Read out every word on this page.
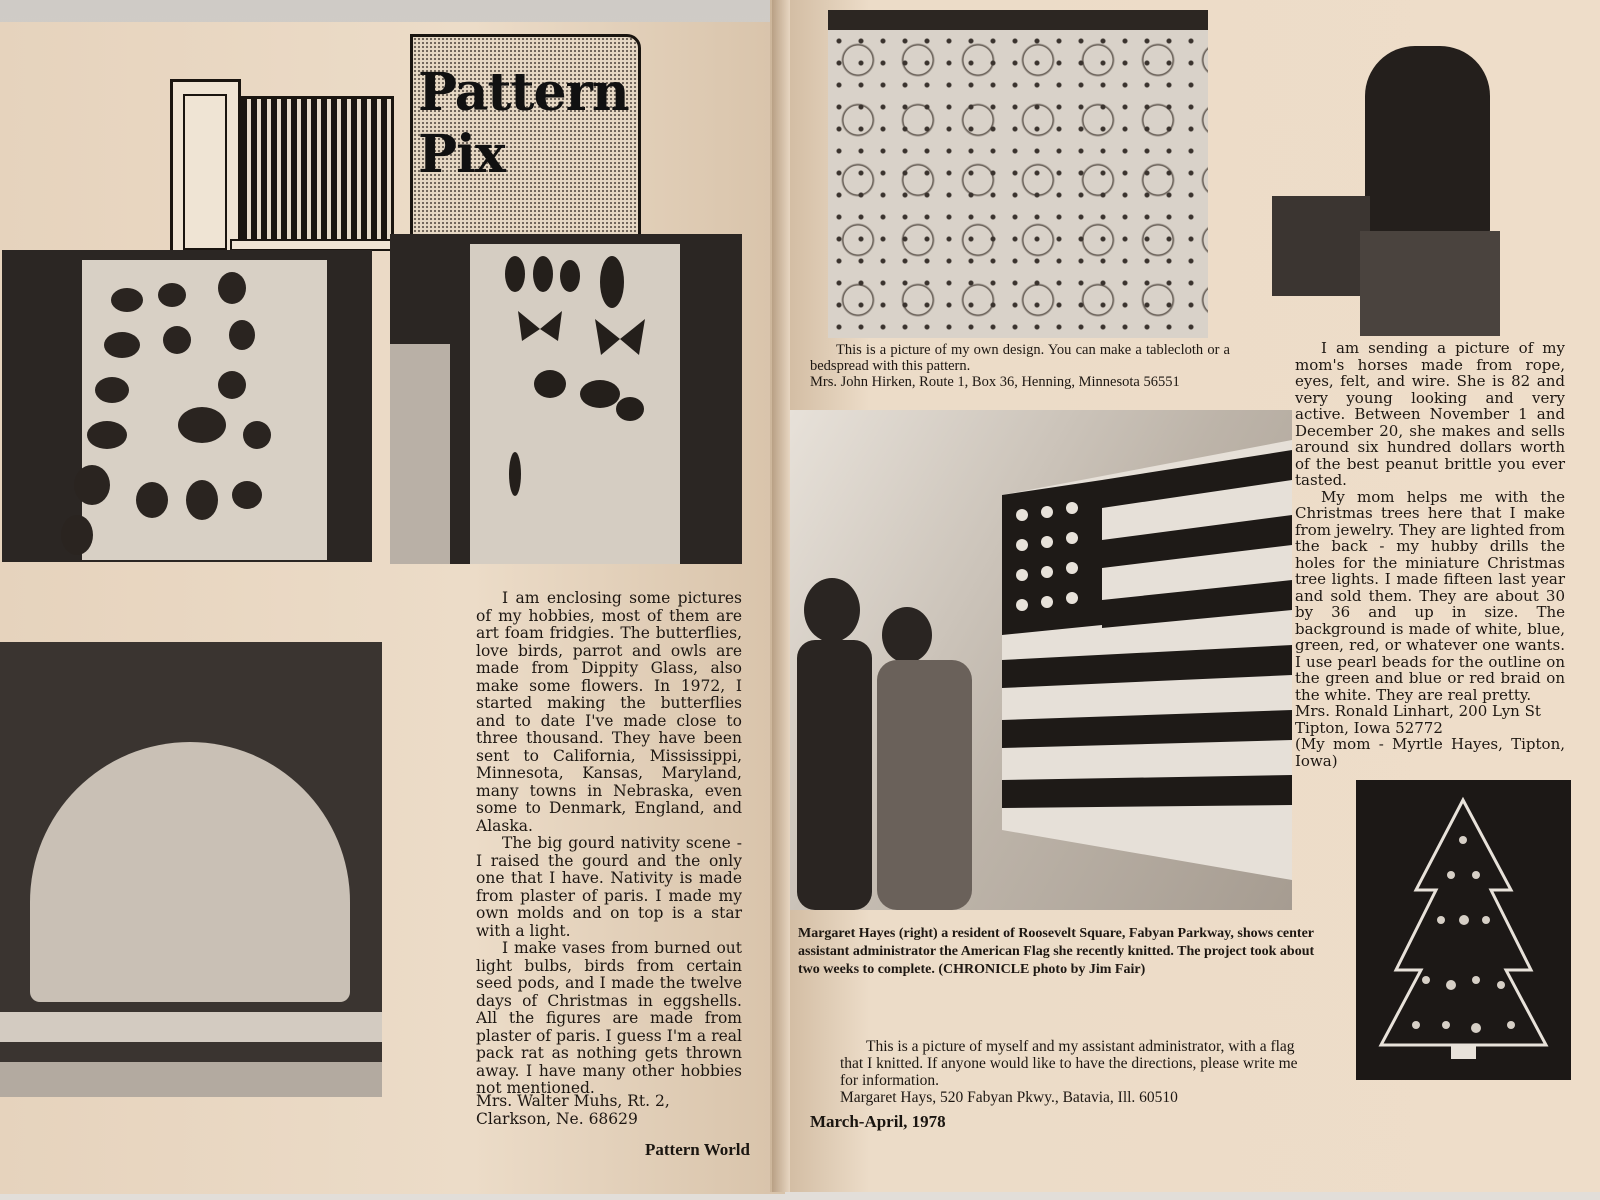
Pattern
Pix

I am enclosing some pictures of my hobbies, most of them are art foam fridgies. The butterflies, love birds, parrot and owls are made from Dippity Glass, also make some flowers. In 1972, I started making the butterflies and to date I've made close to three thousand. They have been sent to California, Mississippi, Minnesota, Kansas, Maryland, many towns in Nebraska, even some to Denmark, England, and Alaska.

The big gourd nativity scene - I raised the gourd and the only one that I have. Nativity is made from plaster of paris. I made my own molds and on top is a star with a light.

I make vases from burned out light bulbs, birds from certain seed pods, and I made the twelve days of Christmas in eggshells. All the figures are made from plaster of paris. I guess I'm a real pack rat as nothing gets thrown away. I have many other hobbies not mentioned.

Mrs. Walter Muhs, Rt. 2, Clarkson, Ne. 68629

Pattern World

This is a picture of my own design. You can make a tablecloth or a bedspread with this pattern.

Mrs. John Hirken, Route 1, Box 36, Henning, Minnesota 56551

I am sending a picture of my mom's horses made from rope, eyes, felt, and wire. She is 82 and very young looking and very active. Between November 1 and December 20, she makes and sells around six hundred dollars worth of the best peanut brittle you ever tasted.

My mom helps me with the Christmas trees here that I make from jewelry. They are lighted from the back - my hubby drills the holes for the miniature Christmas tree lights. I made fifteen last year and sold them. They are about 30 by 36 and up in size. The background is made of white, blue, green, red, or whatever one wants. I use pearl beads for the outline on the green and blue or red braid on the white. They are real pretty.

Mrs. Ronald Linhart, 200 Lyn St

Tipton, Iowa 52772

(My mom - Myrtle Hayes, Tipton, Iowa)

Margaret Hayes (right) a resident of Roosevelt Square, Fabyan Parkway, shows center assistant administrator the American Flag she recently knitted. The project took about two weeks to complete. (CHRONICLE photo by Jim Fair)

This is a picture of myself and my assistant administrator, with a flag that I knitted. If anyone would like to have the directions, please write me for information.

Margaret Hays, 520 Fabyan Pkwy., Batavia, Ill. 60510

March-April, 1978
